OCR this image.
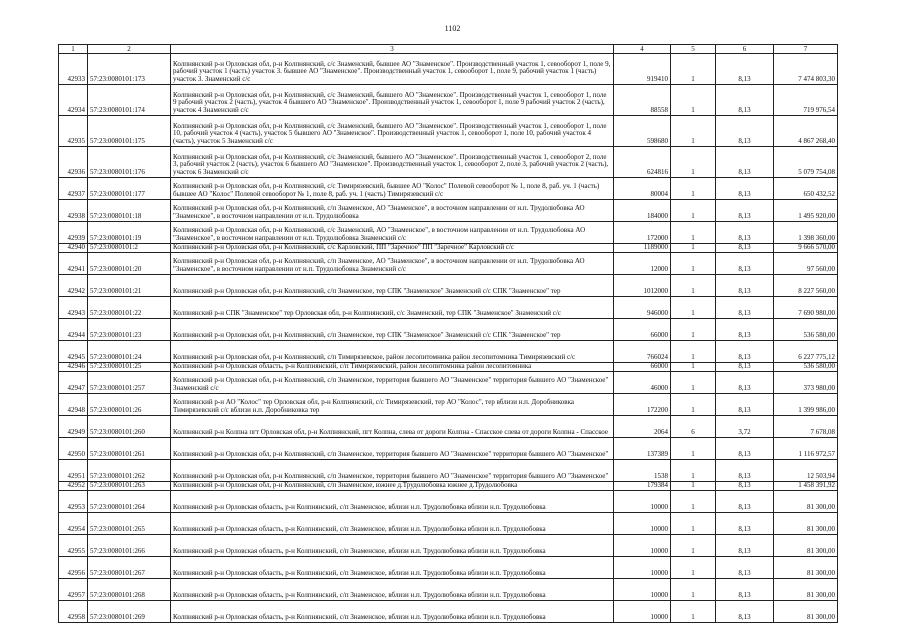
1102
1	2	3	4	5	6	7
42933	57:23:0080101:173	Колпнянский р-н Орловская обл, р-н Колпнянский, с/с Знаменский, бывшее АО "Знаменское". Производственный участок 1, севооборот 1, поле 9, рабочий участок 1 (часть) участок 3. бывшее АО "Знаменское". Производственный участок 1, севооборот 1, поле 9, рабочий участок 1 (часть) участок 3. Знаменский с/с	919410	1	8,13	7 474 803,30
42934	57:23:0080101:174	Колпнянский р-н Орловская обл, р-н Колпнянский, с/с Знаменский, бывшего АО "Знаменское". Производственный участок 1, севооборот 1, поле 9 рабочий участок 2 (часть), участок 4 бывшего АО "Знаменское". Производственный участок 1, севооборот 1, поле 9 рабочий участок 2 (часть), участок 4 Знаменский с/с	88558	1	8,13	719 976,54
42935	57:23:0080101:175	Колпнянский р-н Орловская обл, р-н Колпнянский, с/с Знаменский, бывшего АО "Знаменское". Производственный участок 1, севооборот 1, поле 10, рабочий участок 4 (часть), участок 5 бывшего АО "Знаменское". Производственный участок 1, севооборот 1, поле 10, рабочий участок 4 (часть), участок 5 Знаменский с/с	598680	1	8,13	4 867 268,40
42936	57:23:0080101:176	Колпнянский р-н Орловская обл, р-н Колпнянский, с/с Знаменский, бывшего АО "Знаменское". Производственный участок 1, севооборот 2, поле 3, рабочий участок 2 (часть), участок 6 бывшего АО "Знаменское". Производственный участок 1, севооборот 2, поле 3, рабочий участок 2 (часть), участок 6 Знаменский с/с	624816	1	8,13	5 079 754,08
42937	57:23:0080101:177	Колпнянский р-н Орловская обл, р-н Колпнянский, с/с Тимирязевский, бывшее АО "Колос" Полевой севооборот № 1, поле 8, раб. уч. 1 (часть) бывшее АО "Колос" Полевой севооборот № 1, поле 8, раб. уч. 1 (часть) Тимирязевский с/с	80004	1	8,13	650 432,52
42938	57:23:0080101:18	Колпнянский р-н Орловская обл, р-н Колпнянский, с/п Знаменское, АО "Знаменское", в восточном направлении от н.п. Трудолюбовка АО "Знаменское", в восточном направлении от н.п. Трудолюбовка	184000	1	8,13	1 495 920,00
42939	57:23:0080101:19	Колпнянский р-н Орловская обл, р-н Колпнянский, с/с Знаменский, АО "Знаменское", в восточном направлении от н.п. Трудолюбовка АО "Знаменское", в восточном направлении от н.п. Трудолюбовка Знаменский с/с	172000	1	8,13	1 398 360,00
42940	57:23:0080101:2	Колпнянский р-н Орловская обл, р-н Колпнянский, с/с Карловский, ПП "Заречное" ПП "Заречное" Карловский с/с	1189000	1	8,13	9 666 570,00
42941	57:23:0080101:20	Колпнянский р-н Орловская обл, р-н Колпнянский, с/п Знаменское, АО "Знаменское", в восточном направлении от н.п. Трудолюбовка АО "Знаменское", в восточном направлении от н.п. Трудолюбовка Знаменский с/с	12000	1	8,13	97 560,00
42942	57:23:0080101:21	Колпнянский р-н Орловская обл, р-н Колпнянский, с/п Знаменское, тер СПК "Знаменское" Знаменский с/с СПК "Знаменское" тер	1012000	1	8,13	8 227 560,00
42943	57:23:0080101:22	Колпнянский р-н СПК "Знаменское" тер Орловская обл, р-н Колпнянский, с/с Знаменский, тер СПК "Знаменское" Знаменский с/с	946000	1	8,13	7 690 980,00
42944	57:23:0080101:23	Колпнянский р-н Орловская обл, р-н Колпнянский, с/п Знаменское, тер СПК "Знаменское" Знаменский с/с СПК "Знаменское" тер	66000	1	8,13	536 580,00
42945	57:23:0080101:24	Колпнянский р-н Орловская обл, р-н Колпнянский, с/п Тимирязевское, район лесопитомника район лесопитомника Тимирязевский с/с	766024	1	8,13	6 227 775,12
42946	57:23:0080101:25	Колпнянский р-н Орловская область, р-н Колпнянский, с/п Тимирязевский, район лесопитомника район лесопитомника	66000	1	8,13	536 580,00
42947	57:23:0080101:257	Колпнянский р-н Орловская обл, р-н Колпнянский, с/п Знаменское, территория бывшего АО "Знаменское" территория бывшего АО "Знаменское" Знаменский с/с	46000	1	8,13	373 980,00
42948	57:23:0080101:26	Колпнянский р-н АО "Колос" тер Орловская обл, р-н Колпнянский, с/с Тимирязевский, тер АО "Колос", тер вблизи н.п. Доробниковка Тимирязевский с/с вблизи н.п. Доробниковка тер	172200	1	8,13	1 399 986,00
42949	57:23:0080101:260	Колпнянский р-н Колпна пгт Орловская обл, р-н Колпнянский, пгт Колпна, слева от дороги Колпна - Спасское слева от дороги Колпна - Спасское	2064	6	3,72	7 678,08
42950	57:23:0080101:261	Колпнянский р-н Орловская обл, р-н Колпнянский, с/п Знаменское, территория бывшего АО "Знаменское" территория бывшего АО "Знаменское"	137389	1	8,13	1 116 972,57
42951	57:23:0080101:262	Колпнянский р-н Орловская обл, р-н Колпнянский, с/п Знаменское, территория бывшего АО "Знаменское" территория бывшего АО "Знаменское"	1538	1	8,13	12 503,94
42952	57:23:0080101:263	Колпнянский р-н Орловская обл, р-н Колпнянский, с/п Знаменское, южнее д.Трудолюбовка южнее д.Трудолюбовка	179384	1	8,13	1 458 391,92
42953	57:23:0080101:264	Колпнянский р-н Орловская область, р-н Колпнянский, с/п Знаменское, вблизи н.п. Трудолюбовка вблизи н.п. Трудолюбовка	10000	1	8,13	81 300,00
42954	57:23:0080101:265	Колпнянский р-н Орловская область, р-н Колпнянский, с/п Знаменское, вблизи н.п. Трудолюбовка вблизи н.п. Трудолюбовка	10000	1	8,13	81 300,00
42955	57:23:0080101:266	Колпнянский р-н Орловская область, р-н Колпнянский, с/п Знаменское, вблизи н.п. Трудолюбовка вблизи н.п. Трудолюбовка	10000	1	8,13	81 300,00
42956	57:23:0080101:267	Колпнянский р-н Орловская область, р-н Колпнянский, с/п Знаменское, вблизи н.п. Трудолюбовка вблизи н.п. Трудолюбовка	10000	1	8,13	81 300,00
42957	57:23:0080101:268	Колпнянский р-н Орловская область, р-н Колпнянский, с/п Знаменское, вблизи н.п. Трудолюбовка вблизи н.п. Трудолюбовка	10000	1	8,13	81 300,00
42958	57:23:0080101:269	Колпнянский р-н Орловская область, р-н Колпнянский, с/п Знаменское, вблизи н.п. Трудолюбовка вблизи н.п. Трудолюбовка	10000	1	8,13	81 300,00
